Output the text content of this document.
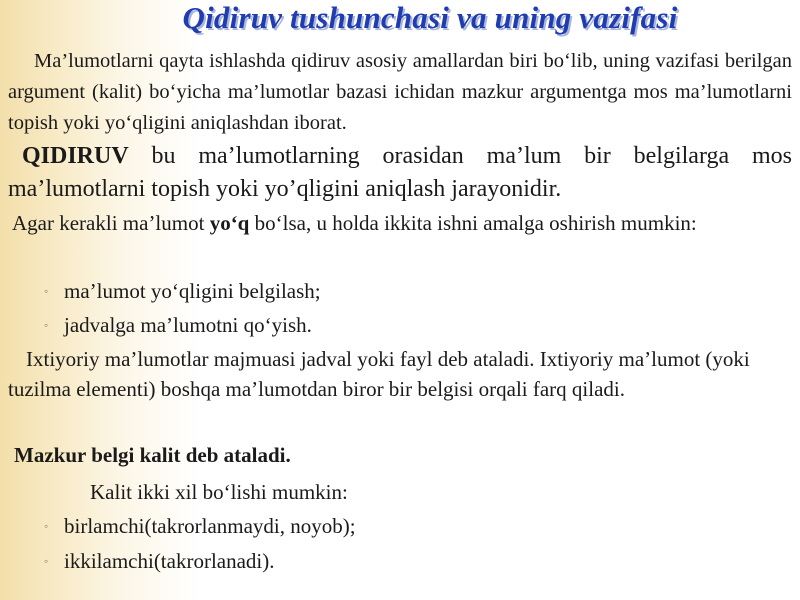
Qidiruv tushunchasi va uning vazifasi

Ma’lumotlarni qayta ishlashda qidiruv asosiy amallardan biri bo‘lib, uning vazifasi berilgan argument (kalit) bo‘yicha ma’lumotlar bazasi ichidan mazkur argumentga mos ma’lumotlarni topish yoki yo‘qligini aniqlashdan iborat.

QIDIRUV bu ma’lumotlarning orasidan ma’lum bir belgilarga mos ma’lumotlarni topish yoki yo’qligini aniqlash jarayonidir.

Agar kerakli ma’lumot yo‘q bo‘lsa, u holda ikkita ishni amalga oshirish mumkin:

◦ ma’lumot yo‘qligini belgilash;
◦ jadvalga ma’lumotni qo‘yish.

Ixtiyoriy ma’lumotlar majmuasi jadval yoki fayl deb ataladi. Ixtiyoriy ma’lumot (yoki tuzilma elementi) boshqa ma’lumotdan biror bir belgisi orqali farq qiladi.

Mazkur belgi kalit deb ataladi.

Kalit ikki xil bo‘lishi mumkin:

◦ birlamchi(takrorlanmaydi, noyob);
◦ ikkilamchi(takrorlanadi).
